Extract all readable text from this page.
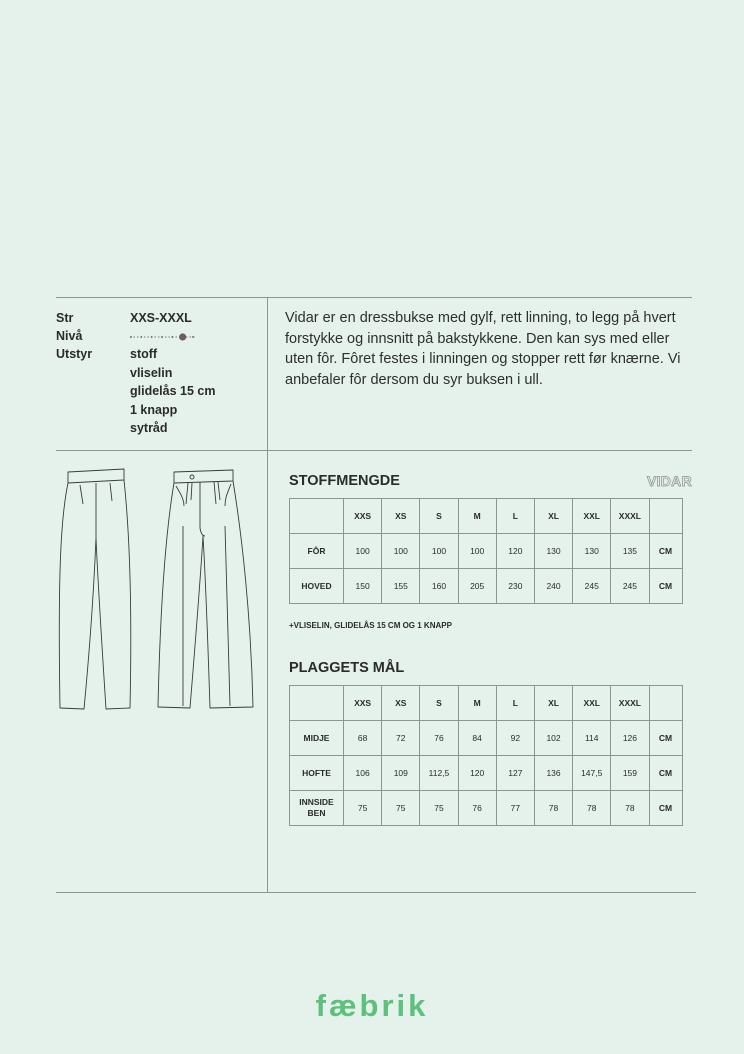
Str	XXS-XXXL
Nivå
Utstyr	stoff
vliselin
glidelås 15 cm
1 knapp
sytråd
Vidar er en dressbukse med gylf, rett linning, to legg på hvert forstykke og innsnitt på bakstykkene. Den kan sys med eller uten fôr. Fôret festes i linningen og stopper rett før knærne. Vi anbefaler fôr dersom du syr buksen i ull.
STOFFMENGDE	VIDAR
	XXS	XS	S	M	L	XL	XXL	XXXL	
FÔR	100	100	100	100	120	130	130	135	CM
HOVED	150	155	160	205	230	240	245	245	CM
+VLISELIN, GLIDELÅS 15 CM OG 1 KNAPP
PLAGGETS MÅL
	XXS	XS	S	M	L	XL	XXL	XXXL	
MIDJE	68	72	76	84	92	102	114	126	CM
HOFTE	106	109	112,5	120	127	136	147,5	159	CM
INNSIDE BEN	75	75	75	76	77	78	78	78	CM
fæbrik
